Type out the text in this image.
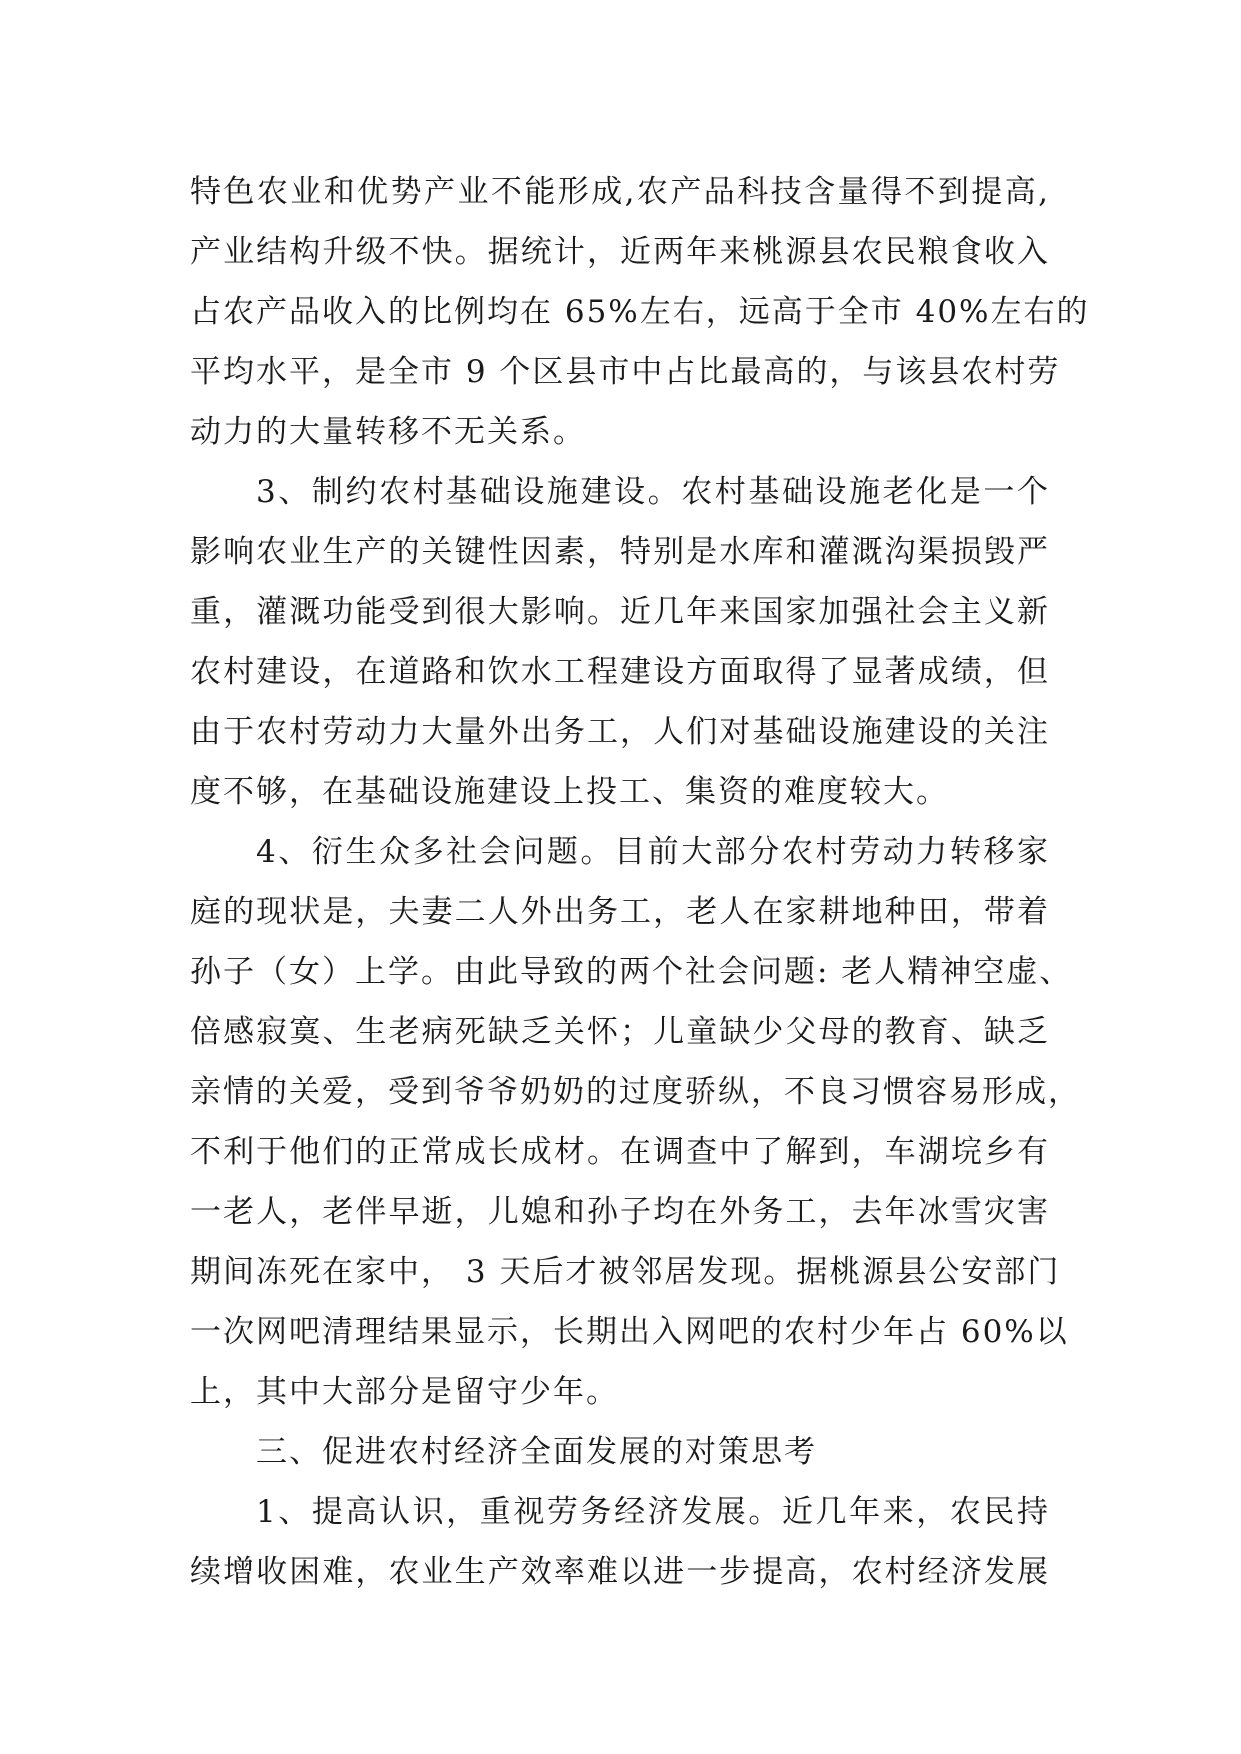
特色农业和优势产业不能形成,农产品科技含量得不到提高,
产业结构升级不快。据统计，近两年来桃源县农民粮食收入
占农产品收入的比例均在 65%左右，远高于全市 40%左右的
平均水平，是全市 9 个区县市中占比最高的，与该县农村劳
动力的大量转移不无关系。
3、制约农村基础设施建设。农村基础设施老化是一个
影响农业生产的关键性因素，特别是水库和灌溉沟渠损毁严
重，灌溉功能受到很大影响。近几年来国家加强社会主义新
农村建设，在道路和饮水工程建设方面取得了显著成绩，但
由于农村劳动力大量外出务工，人们对基础设施建设的关注
度不够，在基础设施建设上投工、集资的难度较大。
4、衍生众多社会问题。目前大部分农村劳动力转移家
庭的现状是，夫妻二人外出务工，老人在家耕地种田，带着
孙子（女）上学。由此导致的两个社会问题: 老人精神空虚、
倍感寂寞、生老病死缺乏关怀；儿童缺少父母的教育、缺乏
亲情的关爱，受到爷爷奶奶的过度骄纵，不良习惯容易形成，
不利于他们的正常成长成材。在调查中了解到，车湖垸乡有
一老人，老伴早逝，儿媳和孙子均在外务工，去年冰雪灾害
期间冻死在家中， 3 天后才被邻居发现。据桃源县公安部门
一次网吧清理结果显示，长期出入网吧的农村少年占 60%以
上，其中大部分是留守少年。
三、促进农村经济全面发展的对策思考
1、提高认识，重视劳务经济发展。近几年来，农民持
续增收困难，农业生产效率难以进一步提高，农村经济发展
